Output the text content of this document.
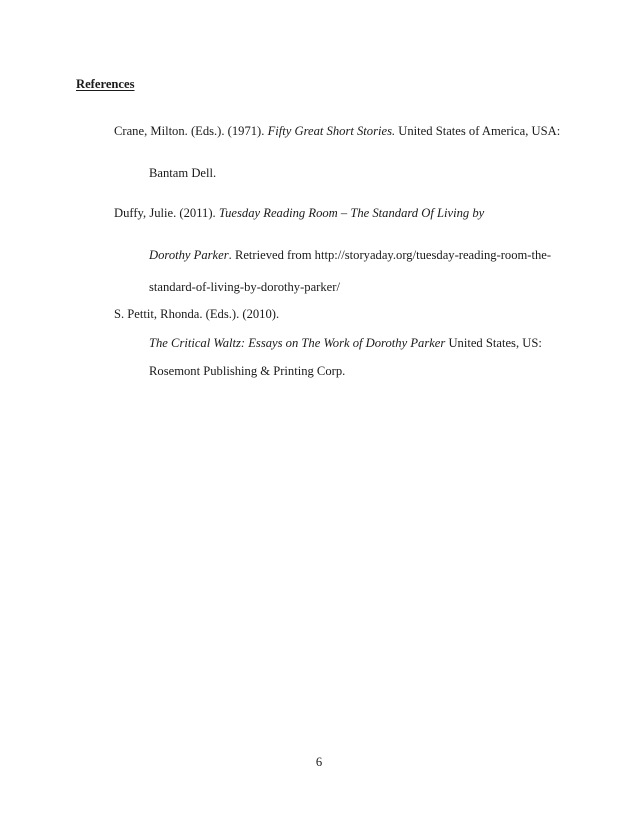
References
Crane, Milton. (Eds.). (1971). Fifty Great Short Stories. United States of America, USA:
Bantam Dell.
Duffy, Julie. (2011). Tuesday Reading Room – The Standard Of Living by
Dorothy Parker. Retrieved from http://storyaday.org/tuesday-reading-room-the-
standard-of-living-by-dorothy-parker/
S. Pettit, Rhonda. (Eds.). (2010).
The Critical Waltz: Essays on The Work of Dorothy Parker United States, US:
Rosemont Publishing & Printing Corp.
6
